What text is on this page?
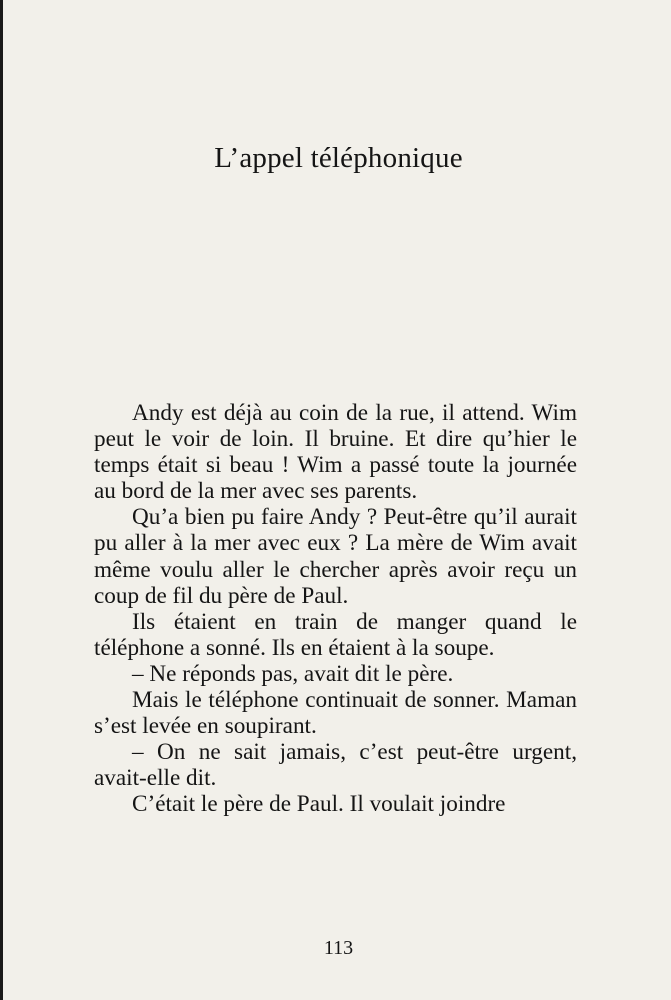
L’appel téléphonique

Andy est déjà au coin de la rue, il attend. Wim peut le voir de loin. Il bruine. Et dire qu’hier le temps était si beau ! Wim a passé toute la journée au bord de la mer avec ses parents.

Qu’a bien pu faire Andy ? Peut-être qu’il aurait pu aller à la mer avec eux ? La mère de Wim avait même voulu aller le chercher après avoir reçu un coup de fil du père de Paul.

Ils étaient en train de manger quand le téléphone a sonné. Ils en étaient à la soupe.

– Ne réponds pas, avait dit le père.

Mais le téléphone continuait de sonner. Maman s’est levée en soupirant.

– On ne sait jamais, c’est peut-être urgent, avait-elle dit.

C’était le père de Paul. Il voulait joindre

113
